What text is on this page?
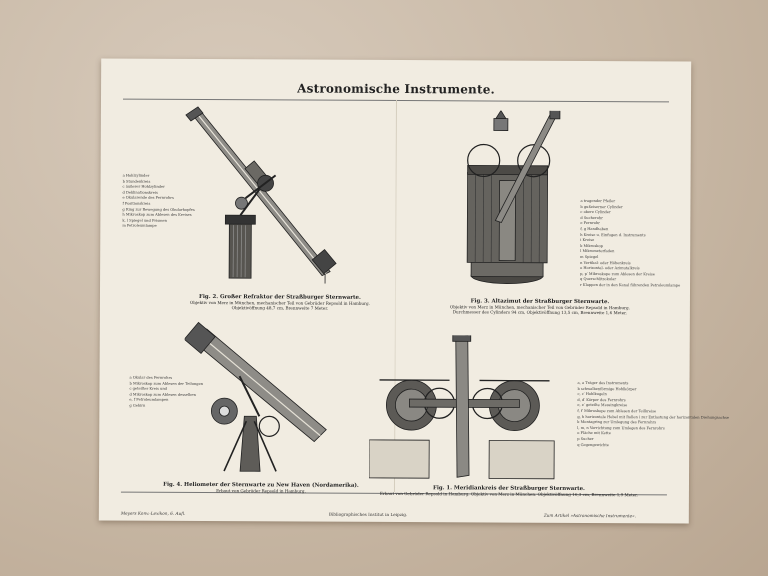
Astronomische Instrumente.
a Hohlzylinder
b Stundenkreis
c äußerer Hohlzylinder
d Deklinationskreis
e Okularende des Fernrohrs
f Positionskreis
g Ring zur Bewegung des Okularkopfes
h Mikroskop zum Ablesen des Kreises
k, l Spiegel und Prismen
m Petroleumlampe
Fig. 2. Großer Refraktor der Straßburger Sternwarte.
Objektiv von Merz in München, mechanischer Teil von Gebrüder Repsold in Hamburg.
Objektivöffnung 48,7 cm, Brennweite 7 Meter.
a tragender Pfeiler
b gußeiserner Cylinder
c obere Cylinder
d Sucherohr
e Fernrohr
f, g Handhaben
h Kreise u. Einfugen d. Instruments
i Kreise
k Mikroskop
l Mikrometerfaden
m Spiegel
n Vertikal- oder Höhenkreis
o Horizontal- oder Azimutalkreis
p, p′ Mikroskope zum Ablesen der Kreise
q Querschlitzokular
r Klappen der in den Kanal führenden Petroleumlampe
Fig. 3. Altazimut der Straßburger Sternwarte.
Objektiv von Merz in München, mechanischer Teil von Gebrüder Repsold in Hamburg.
Durchmesser des Cylinders 94 cm, Objektivöffnung 13,5 cm, Brennweite 1,6 Meter.
a Okular des Fernrohrs
b Mikroskop zum Ablesen der Teilungen
c geteilter Kreis und
d Mikroskop zum Ablesen desselben
e, f Petroleumlampen
g Gehirn
Fig. 4. Heliometer der Sternwarte zu New Haven (Nordamerika).
Erbaut von Gebrüder Repsold in Hamburg.
a, a Träger des Instruments
b schwalbenförmige Hohlkörper
c, c′ Hohlkugeln
d, d′ Körper des Fernrohrs
e, e′ geteilte Messingkreise
f, f′ Mikroskope zum Ablesen der Teilkreise
g, h horizontale Hebel mit Rollen i zur Entlastung der horizontalen Drehungsachse
k Montagring zur Umlegung des Fernrohrs
l, m, n Vorrichtung zum Umlegen des Fernrohrs
o Fläche mit Kette
p Sucher
q Gegengewichte
Fig. 1. Meridiankreis der Straßburger Sternwarte.
Erbaut von Gebrüder Repsold in Hamburg. Objektiv von Merz in München. Objektivöffnung 16,3 cm, Brennweite 1,9 Meter.
Meyers Konv.-Lexikon, 6. Aufl.	Bibliographisches Institut in Leipzig.	Zum Artikel »Astronomische Instrumente«.
